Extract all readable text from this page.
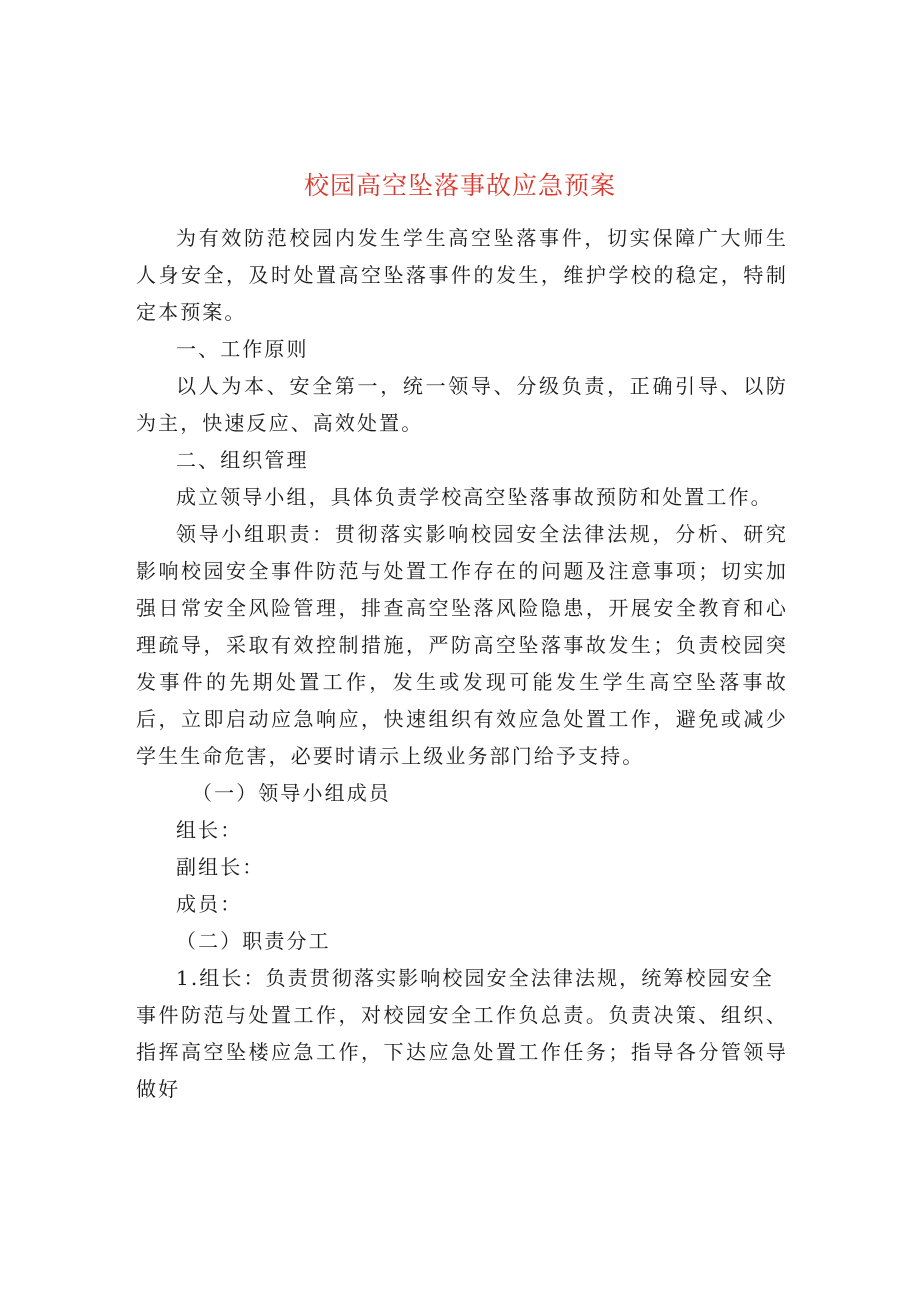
校园高空坠落事故应急预案

为有效防范校园内发生学生高空坠落事件，切实保障广大师生人身安全，及时处置高空坠落事件的发生，维护学校的稳定，特制定本预案。

一、工作原则

以人为本、安全第一，统一领导、分级负责，正确引导、以防为主，快速反应、高效处置。

二、组织管理

成立领导小组，具体负责学校高空坠落事故预防和处置工作。

领导小组职责：贯彻落实影响校园安全法律法规，分析、研究影响校园安全事件防范与处置工作存在的问题及注意事项；切实加强日常安全风险管理，排查高空坠落风险隐患，开展安全教育和心理疏导，采取有效控制措施，严防高空坠落事故发生；负责校园突发事件的先期处置工作，发生或发现可能发生学生高空坠落事故后，立即启动应急响应，快速组织有效应急处置工作，避免或减少学生生命危害，必要时请示上级业务部门给予支持。

（一）领导小组成员

组长：

副组长：

成员：

（二）职责分工

1.组长：负责贯彻落实影响校园安全法律法规，统筹校园安全

事件防范与处置工作，对校园安全工作负总责。负责决策、组织、指挥高空坠楼应急工作，下达应急处置工作任务；指导各分管领导做好
